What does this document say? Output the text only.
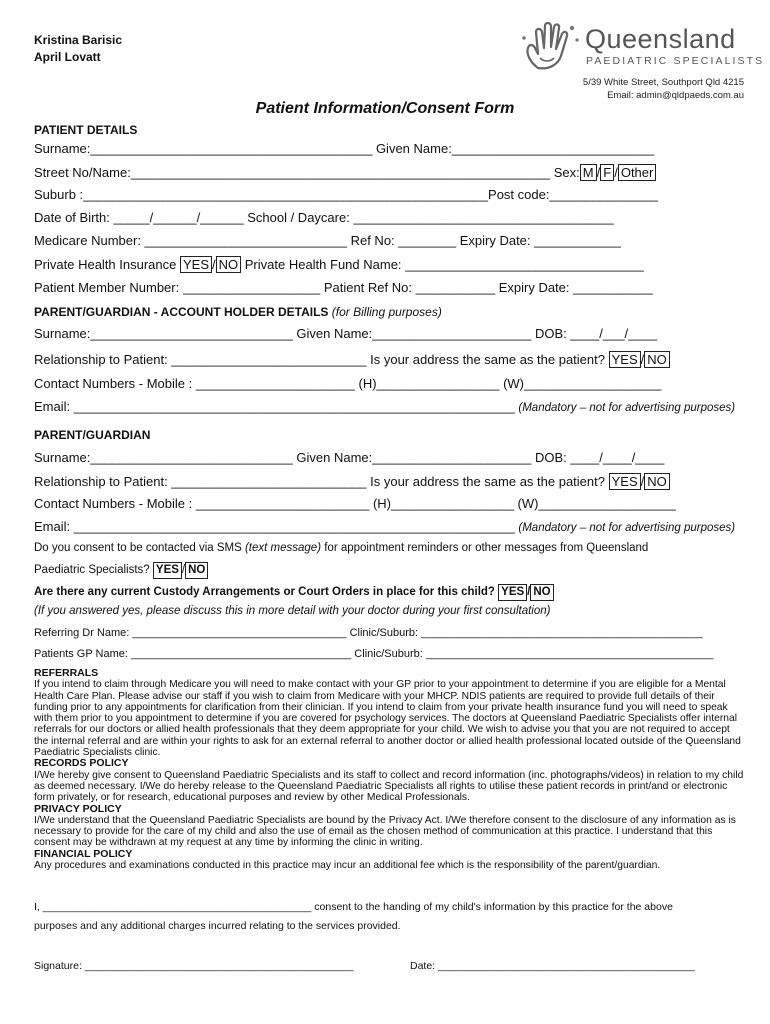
Kristina Barisic
April Lovatt
Queensland
PAEDIATRIC SPECIALISTS
5/39 White Street, Southport Qld 4215
Email: admin@qldpaeds.com.au
Patient Information/Consent Form
PATIENT DETAILS
Surname:_______________________________________ Given Name:____________________________
Street No/Name:__________________________________________________________ Sex: M / F / Other
Suburb :________________________________________________________Post code:_______________
Date of Birth: _____/______/______ School / Daycare: ____________________________________
Medicare Number: ____________________________ Ref No: ________ Expiry Date: ____________
Private Health Insurance YES / NO Private Health Fund Name: _________________________________
Patient Member Number: ___________________ Patient Ref No: ___________ Expiry Date: ___________
PARENT/GUARDIAN - ACCOUNT HOLDER DETAILS (for Billing purposes)
Surname:____________________________ Given Name:______________________ DOB: ____/___/____
Relationship to Patient: ___________________________ Is your address the same as the patient? YES / NO
Contact Numbers - Mobile : ______________________ (H)_________________ (W)___________________
Email: _____________________________________________________________ (Mandatory – not for advertising purposes)
PARENT/GUARDIAN
Surname:____________________________ Given Name:______________________ DOB: ____/____/____
Relationship to Patient: ___________________________ Is your address the same as the patient? YES / NO
Contact Numbers - Mobile : ________________________ (H)_________________ (W)___________________
Email: _____________________________________________________________ (Mandatory – not for advertising purposes)
Do you consent to be contacted via SMS (text message) for appointment reminders or other messages from Queensland
Paediatric Specialists? YES / NO
Are there any current Custody Arrangements or Court Orders in place for this child? YES / NO
(If you answered yes, please discuss this in more detail with your doctor during your first consultation)
Referring Dr Name: ___________________________________ Clinic/Suburb: ______________________________________________
Patients GP Name: ____________________________________ Clinic/Suburb: _______________________________________________
REFERRALS
If you intend to claim through Medicare you will need to make contact with your GP prior to your appointment to determine if you are eligible for a Mental Health Care Plan. Please advise our staff if you wish to claim from Medicare with your MHCP. NDIS patients are required to provide full details of their funding prior to any appointments for clarification from their clinician. If you intend to claim from your private health insurance fund you will need to speak with them prior to you appointment to determine if you are covered for psychology services. The doctors at Queensland Paediatric Specialists offer internal referrals for our doctors or allied health professionals that they deem appropriate for your child. We wish to advise you that you are not required to accept the internal referral and are within your rights to ask for an external referral to another doctor or allied health professional located outside of the Queensland Paediatric Specialists clinic.
RECORDS POLICY
I/We hereby give consent to Queensland Paediatric Specialists and its staff to collect and record information (inc. photographs/videos) in relation to my child as deemed necessary. I/We do hereby release to the Queensland Paediatric Specialists all rights to utilise these patient records in print/and or electronic form privately, or for research, educational purposes and review by other Medical Professionals.
PRIVACY POLICY
I/We understand that the Queensland Paediatric Specialists are bound by the Privacy Act. I/We therefore consent to the disclosure of any information as is necessary to provide for the care of my child and also the use of email as the chosen method of communication at this practice. I understand that this consent may be withdrawn at my request at any time by informing the clinic in writing.
FINANCIAL POLICY
Any procedures and examinations conducted in this practice may incur an additional fee which is the responsibility of the parent/guardian.
I, ______________________________________________ consent to the handing of my child's information by this practice for the above
purposes and any additional charges incurred relating to the services provided.
Signature: ______________________________________________	Date: ____________________________________________
